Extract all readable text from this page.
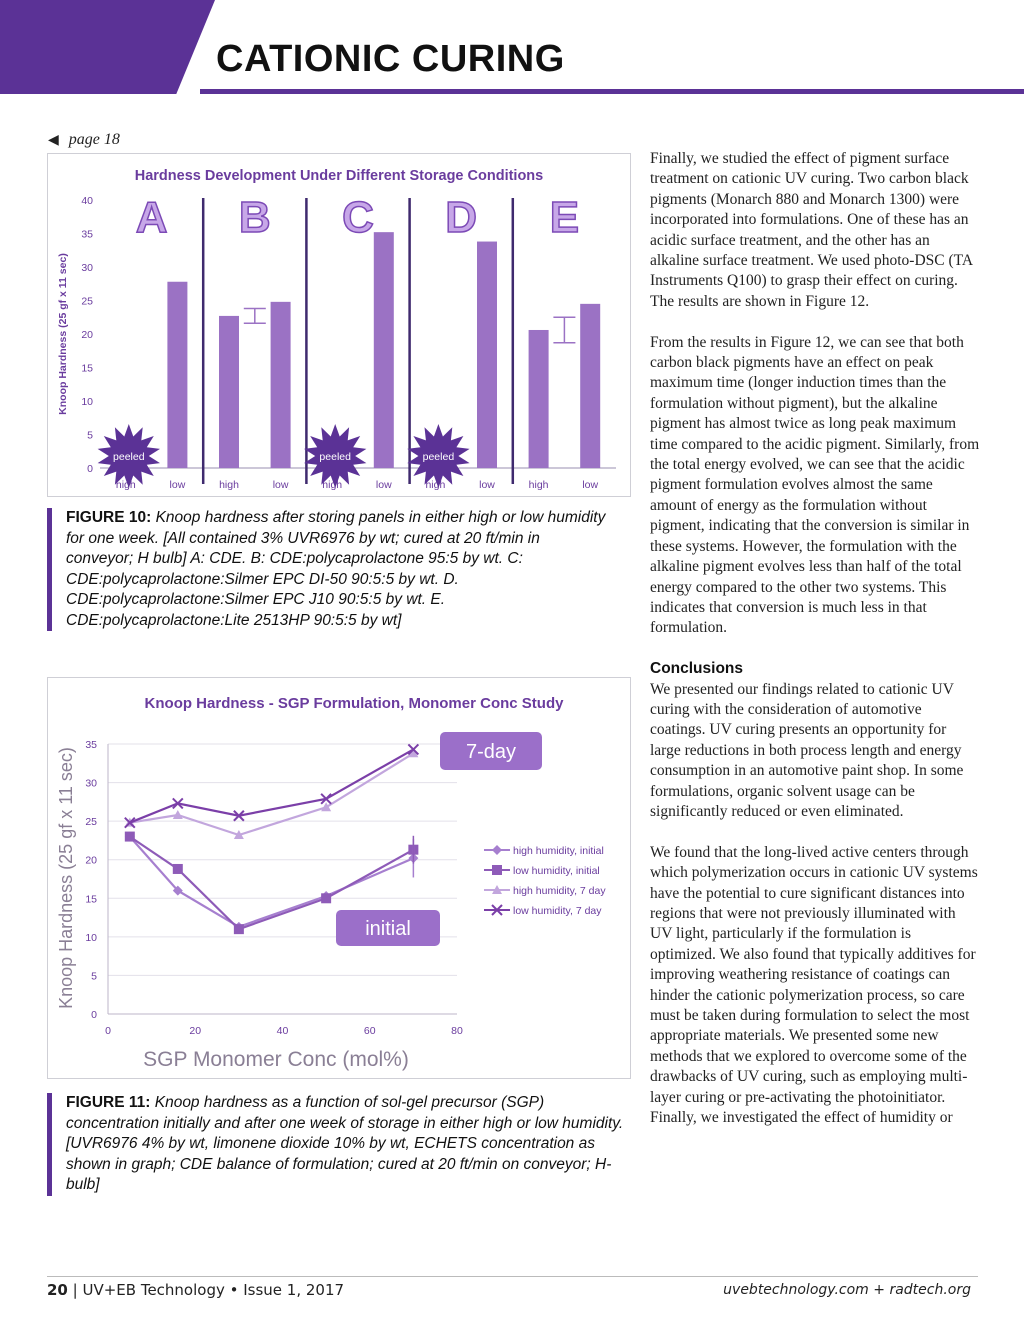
CATIONIC CURING
◀ page 18
Hardness Development Under Different Storage Conditions
Knoop Hardness (25 gf x 11 sec)
0
5
10
15
20
25
30
35
40 A B C D E
high	low	high	low	high	low	high	low	high	low
peeled	peeled	peeled
FIGURE 10: Knoop hardness after storing panels in either high or low humidity for one week. [All contained 3% UVR6976 by wt; cured at 20 ft/min in conveyor; H bulb] A: CDE. B: CDE:polycaprolactone 95:5 by wt. C: CDE:polycaprolactone:Silmer EPC DI-50 90:5:5 by wt. D. CDE:polycaprolactone:Silmer EPC J10 90:5:5 by wt. E. CDE:polycaprolactone:Lite 2513HP 90:5:5 by wt]
Knoop Hardness - SGP Formulation, Monomer Conc Study
Knoop Hardness (25 gf x 11 sec)
SGP Monomer Conc (mol%)
0
5
10
15
20
25
30
35
0	20	40	60	80
high humidity, initial
low humidity, initial
high humidity, 7 day
low humidity, 7 day
7-day
initial
FIGURE 11: Knoop hardness as a function of sol-gel precursor (SGP) concentration initially and after one week of storage in either high or low humidity. [UVR6976 4% by wt, limonene dioxide 10% by wt, ECHETS concentration as shown in graph; CDE balance of formulation; cured at 20 ft/min on conveyor; H-bulb]

Finally, we studied the effect of pigment surface treatment on cationic UV curing. Two carbon black pigments (Monarch 880 and Monarch 1300) were incorporated into formulations. One of these has an acidic surface treatment, and the other has an alkaline surface treatment. We used photo-DSC (TA Instruments Q100) to grasp their effect on curing. The results are shown in Figure 12.

From the results in Figure 12, we can see that both carbon black pigments have an effect on peak maximum time (longer induction times than the formulation without pigment), but the alkaline pigment has almost twice as long peak maximum time compared to the acidic pigment. Similarly, from the total energy evolved, we can see that the acidic pigment formulation evolves almost the same amount of energy as the formulation without pigment, indicating that the conversion is similar in these systems. However, the formulation with the alkaline pigment evolves less than half of the total energy compared to the other two systems. This indicates that conversion is much less in that formulation.

Conclusions

We presented our findings related to cationic UV curing with the consideration of automotive coatings. UV curing presents an opportunity for large reductions in both process length and energy consumption in an automotive paint shop. In some formulations, organic solvent usage can be significantly reduced or even eliminated.

We found that the long-lived active centers through which polymerization occurs in cationic UV systems have the potential to cure significant distances into regions that were not previously illuminated with UV light, particularly if the formulation is optimized. We also found that typically additives for improving weathering resistance of coatings can hinder the cationic polymerization process, so care must be taken during formulation to select the most appropriate materials. We presented some new methods that we explored to overcome some of the drawbacks of UV curing, such as employing multi-layer curing or pre-activating the photoinitiator. Finally, we investigated the effect of humidity or

20 | UV+EB Technology • Issue 1, 2017	uvebtechnology.com + radtech.org
